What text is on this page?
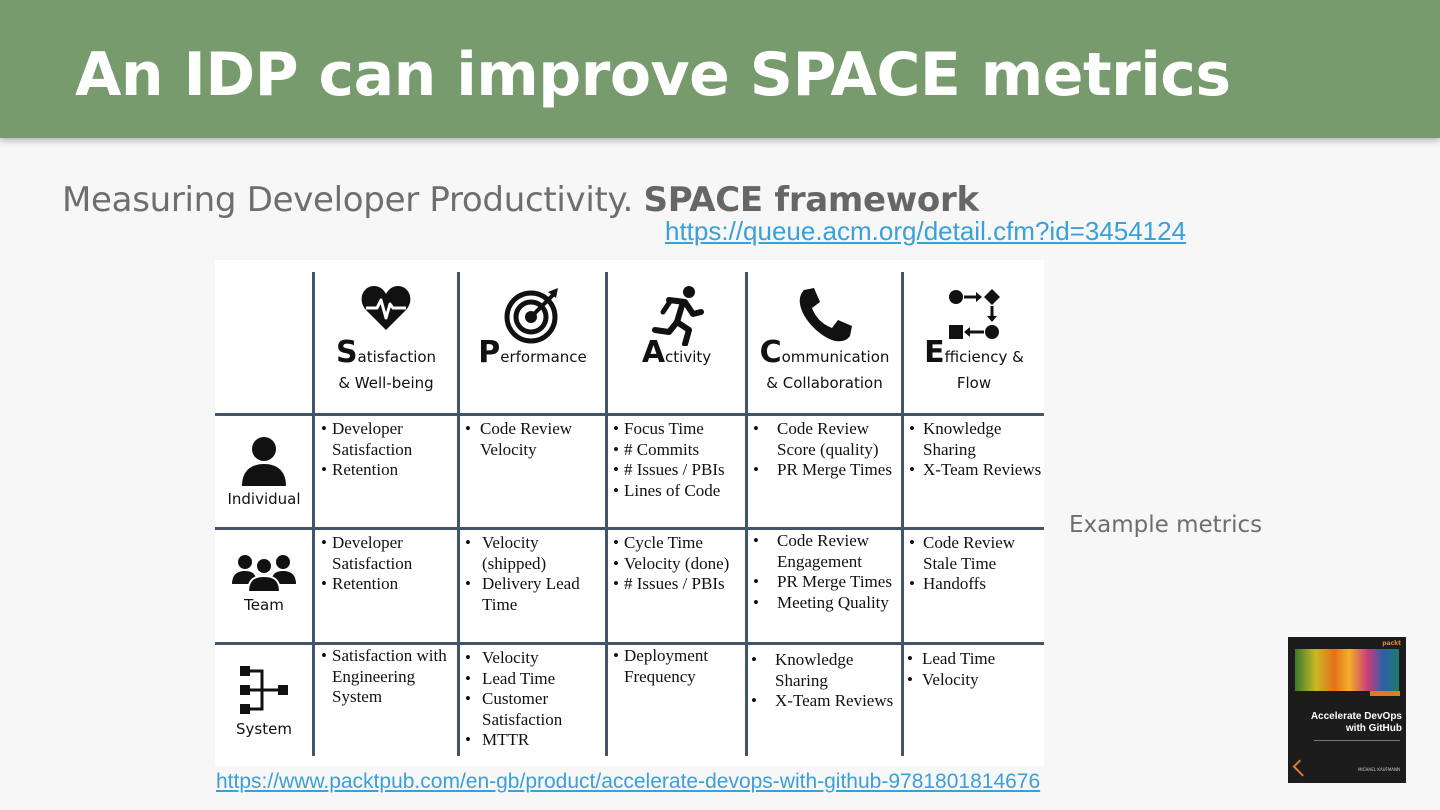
An IDP can improve SPACE metrics
Measuring Developer Productivity. SPACE framework
https://queue.acm.org/detail.cfm?id=3454124
Satisfaction
& Well-being
Performance	Activity	Communication
& Collaboration
Efficiency &
Flow
Individual
Team
System
• Developer Satisfaction
• Retention
• Code Review Velocity
• Focus Time
• # Commits
• # Issues / PBIs
• Lines of Code
• Code Review Score (quality)
• PR Merge Times
• Knowledge Sharing
• X-Team Reviews
• Developer Satisfaction
• Retention
• Velocity (shipped)
• Delivery Lead Time
• Cycle Time
• Velocity (done)
• # Issues / PBIs
• Code Review Engagement
• PR Merge Times
• Meeting Quality
• Code Review Stale Time
• Handoffs
• Satisfaction with Engineering System
• Velocity
• Lead Time
• Customer Satisfaction
• MTTR
• Deployment Frequency
• Knowledge Sharing
• X-Team Reviews
• Lead Time
• Velocity
Example metrics
packt
Accelerate DevOps
with GitHub
MICHAEL KAUFMANN
https://www.packtpub.com/en-gb/product/accelerate-devops-with-github-9781801814676
